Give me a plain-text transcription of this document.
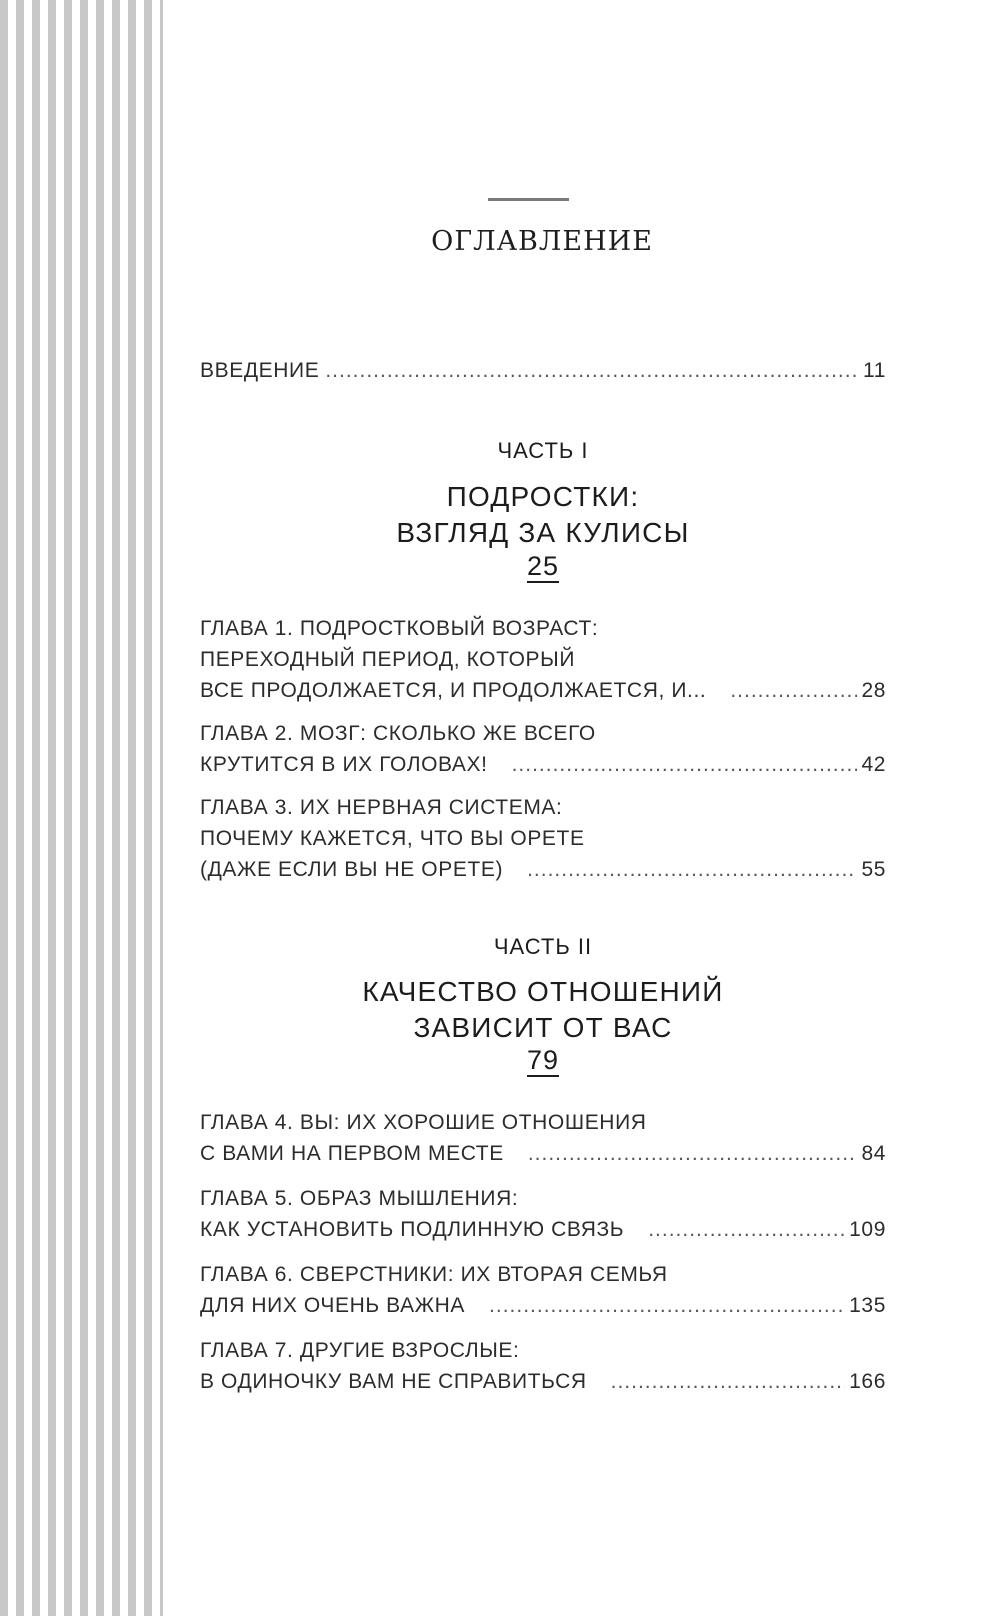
ОГЛАВЛЕНИЕ
ВВЕДЕНИЕ .....	11
ЧАСТЬ I
ПОДРОСТКИ:
ВЗГЛЯД ЗА КУЛИСЫ
25
ГЛАВА 1. ПОДРОСТКОВЫЙ ВОЗРАСТ:
ПЕРЕХОДНЫЙ ПЕРИОД, КОТОРЫЙ
ВСЕ ПРОДОЛЖАЕТСЯ, И ПРОДОЛЖАЕТСЯ, И... .....	28
ГЛАВА 2. МОЗГ: СКОЛЬКО ЖЕ ВСЕГО
КРУТИТСЯ В ИХ ГОЛОВАХ! .....	42
ГЛАВА 3. ИХ НЕРВНАЯ СИСТЕМА:
ПОЧЕМУ КАЖЕТСЯ, ЧТО ВЫ ОРЕТЕ
(ДАЖЕ ЕСЛИ ВЫ НЕ ОРЕТЕ) .....	55
ЧАСТЬ II
КАЧЕСТВО ОТНОШЕНИЙ
ЗАВИСИТ ОТ ВАС
79
ГЛАВА 4. ВЫ: ИХ ХОРОШИЕ ОТНОШЕНИЯ
С ВАМИ НА ПЕРВОМ МЕСТЕ .....	84
ГЛАВА 5. ОБРАЗ МЫШЛЕНИЯ:
КАК УСТАНОВИТЬ ПОДЛИННУЮ СВЯЗЬ .....	109
ГЛАВА 6. СВЕРСТНИКИ: ИХ ВТОРАЯ СЕМЬЯ
ДЛЯ НИХ ОЧЕНЬ ВАЖНА .....	135
ГЛАВА 7. ДРУГИЕ ВЗРОСЛЫЕ:
В ОДИНОЧКУ ВАМ НЕ СПРАВИТЬСЯ .....	166
